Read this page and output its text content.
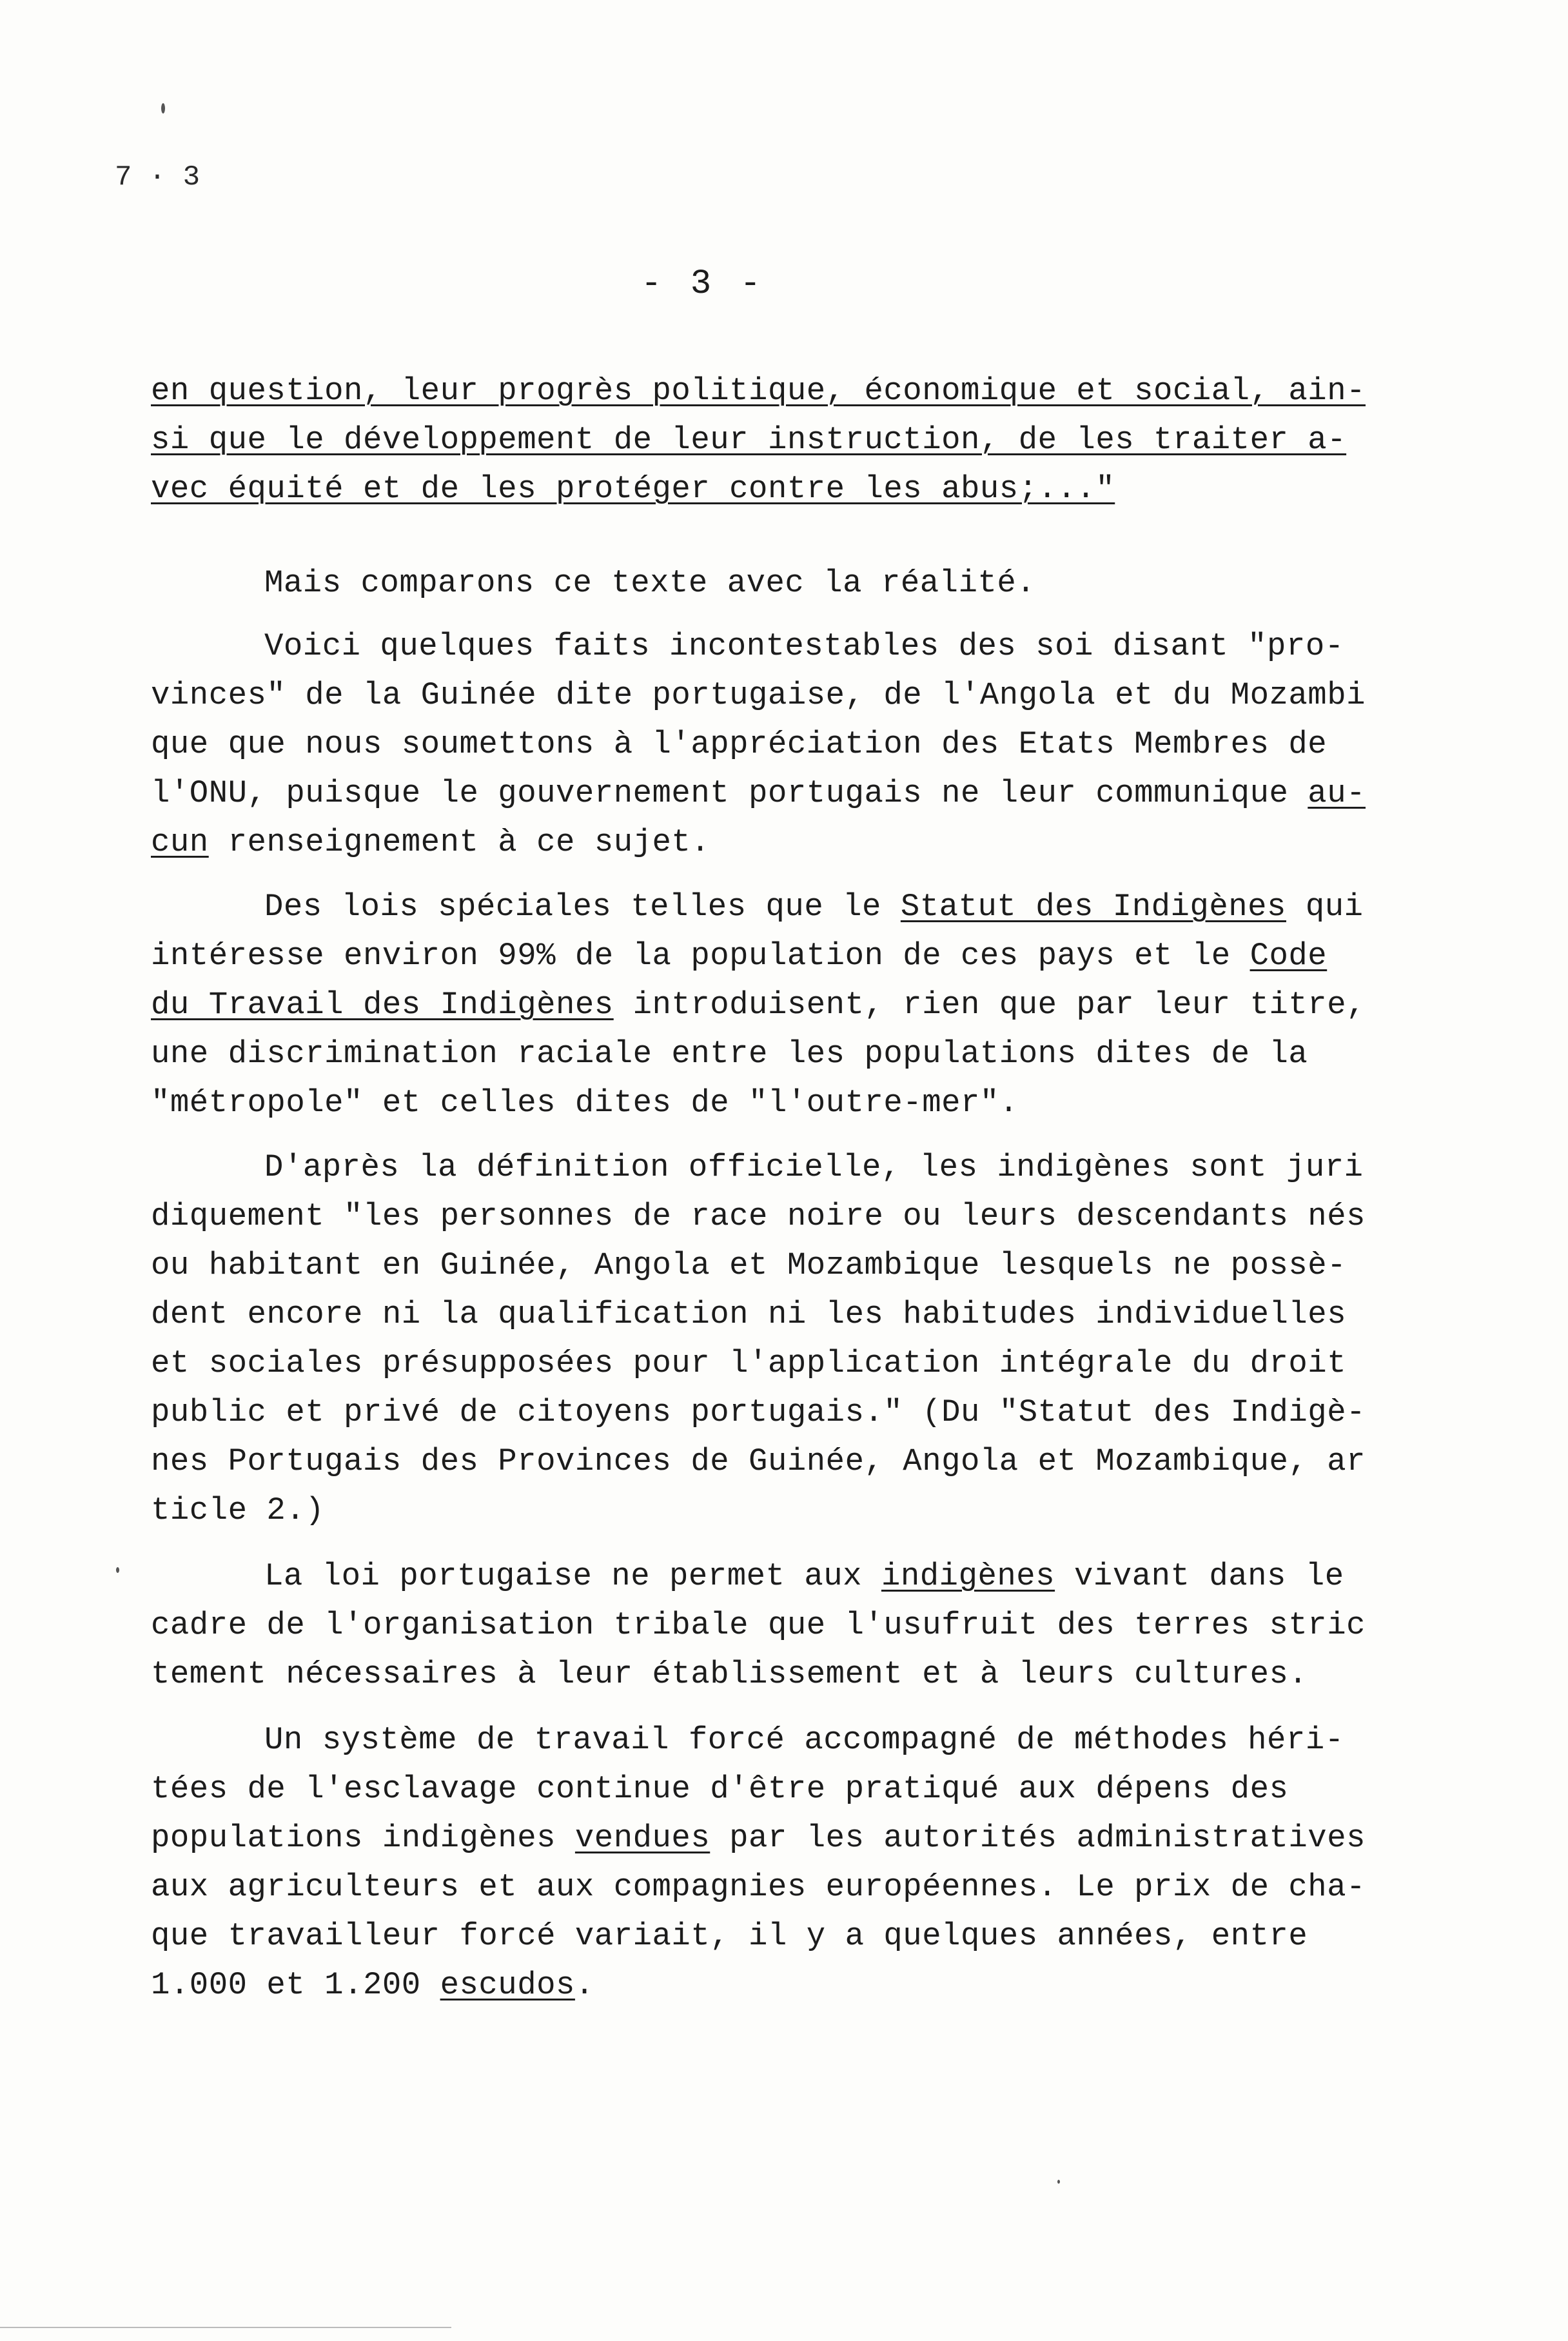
7 · 3
- 3 -
en question, leur progrès politique, économique et social, ain-
si que le développement de leur instruction, de les traiter a-
vec équité et de les protéger contre les abus;..."
Mais comparons ce texte avec la réalité.
Voici quelques faits incontestables des soi disant "pro-
vinces" de la Guinée dite portugaise, de l'Angola et du Mozambi
que que nous soumettons à l'appréciation des Etats Membres de
l'ONU, puisque le gouvernement portugais ne leur communique au-
cun renseignement à ce sujet.
Des lois spéciales telles que le Statut des Indigènes qui
intéresse environ 99% de la population de ces pays et le Code
du Travail des Indigènes introduisent, rien que par leur titre,
une discrimination raciale entre les populations dites de la
"métropole" et celles dites de "l'outre-mer".
D'après la définition officielle, les indigènes sont juri
diquement "les personnes de race noire ou leurs descendants nés
ou habitant en Guinée, Angola et Mozambique lesquels ne possè-
dent encore ni la qualification ni les habitudes individuelles
et sociales présupposées pour l'application intégrale du droit
public et privé de citoyens portugais." (Du "Statut des Indigè-
nes Portugais des Provinces de Guinée, Angola et Mozambique, ar
ticle 2.)
La loi portugaise ne permet aux indigènes vivant dans le
cadre de l'organisation tribale que l'usufruit des terres stric
tement nécessaires à leur établissement et à leurs cultures.
Un système de travail forcé accompagné de méthodes héri-
tées de l'esclavage continue d'être pratiqué aux dépens des
populations indigènes vendues par les autorités administratives
aux agriculteurs et aux compagnies européennes. Le prix de cha-
que travailleur forcé variait, il y a quelques années, entre
1.000 et 1.200 escudos.
